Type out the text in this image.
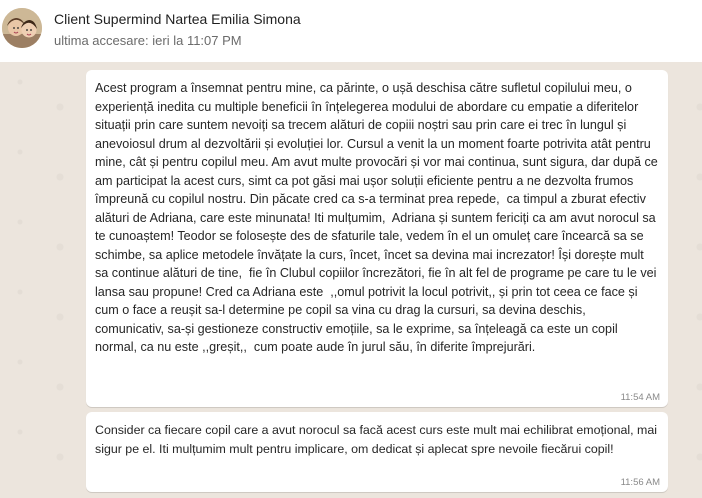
Client Supermind Nartea Emilia Simona
ultima accesare: ieri la 11:07 PM

Acest program a însemnat pentru mine, ca părinte, o ușă deschisa către sufletul copilului meu, o experiență inedita cu multiple beneficii în înțelegerea modului de abordare cu empatie a diferitelor situații prin care suntem nevoiți sa trecem alături de copiii noștri sau prin care ei trec în lungul și anevoiosul drum al dezvoltării și evoluției lor. Cursul a venit la un moment foarte potrivita atât pentru mine, cât și pentru copilul meu. Am avut multe provocări și vor mai continua, sunt sigura, dar după ce am participat la acest curs, simt ca pot găsi mai ușor soluții eficiente pentru a ne dezvolta frumos împreună cu copilul nostru. Din păcate cred ca s-a terminat prea repede,  ca timpul a zburat efectiv alături de Adriana, care este minunata! Iti mulțumim,  Adriana și suntem fericiți ca am avut norocul sa te cunoaștem! Teodor se folosește des de sfaturile tale, vedem în el un omuleț care încearcă sa se schimbe, sa aplice metodele învățate la curs, încet, încet sa devina mai increzator! Își dorește mult sa continue alături de tine,  fie în Clubul copiilor încrezători, fie în alt fel de programe pe care tu le vei lansa sau propune! Cred ca Adriana este  ,,omul potrivit la locul potrivit,, și prin tot ceea ce face și cum o face a reușit sa-l determine pe copil sa vina cu drag la cursuri, sa devina deschis, comunicativ, sa-și gestioneze constructiv emoțiile, sa le exprime, sa înțeleagă ca este un copil normal, ca nu este ,,greșit,,  cum poate aude în jurul său, în diferite împrejurări.

11:54 AM

Consider ca fiecare copil care a avut norocul sa facă acest curs este mult mai echilibrat emoțional, mai sigur pe el. Iti mulțumim mult pentru implicare, om dedicat și aplecat spre nevoile fiecărui copil!

11:56 AM
